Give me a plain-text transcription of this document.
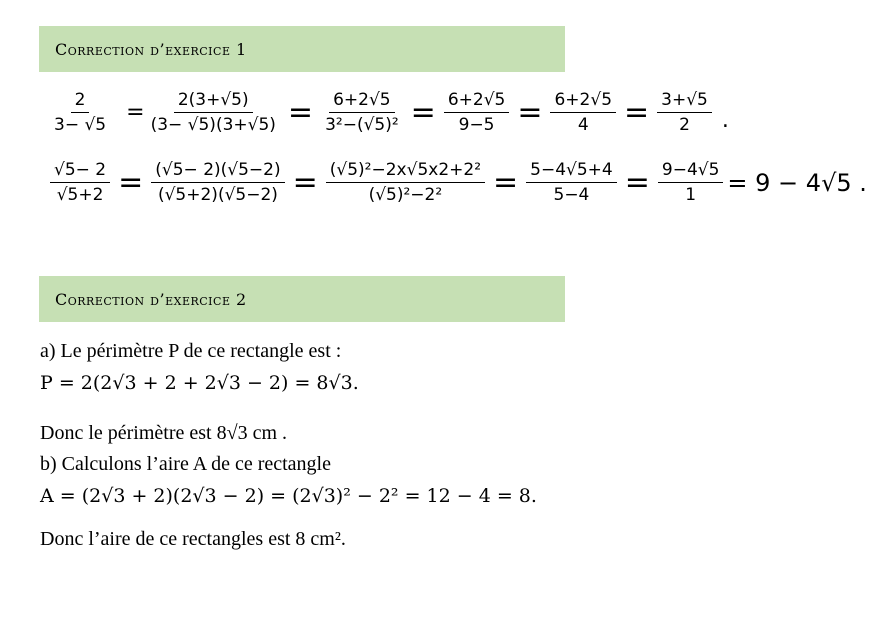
Correction d’exercice 1
$\frac{2}{3- √5} = \frac{2(3+√5)}{(3- √5)(3+√5)} = \frac{6+2√5}{\text{3²−(√5)²}} = \frac{6+2√5}{9-5} = \frac{6+2√5}{4} = \frac{3+√5}{2}$ .
$\frac{√5- 2}{√5+2} = \frac{(√5- 2)(√5-2)}{(√5+2)(√5-2)} = \frac{\text{(√5)²−2x√5x2+2²}}{\text{(√5)²−2²}} = \frac{5-4√5+4}{5-4} = \frac{9-4√5}{1} = 9 - 4√5$ .
Correction d’exercice 2
a) Le périmètre P de ce rectangle est :
P = 2(2√3 + 2 + 2√3 − 2) = 8√3.
Donc le périmètre est 8√3 cm .
b) Calculons l’aire A de ce rectangle
A = (2√3 + 2)(2√3 − 2) = (2√3)² − 2² = 12 − 4 = 8.
Donc l’aire de ce rectangles est 8 cm².
